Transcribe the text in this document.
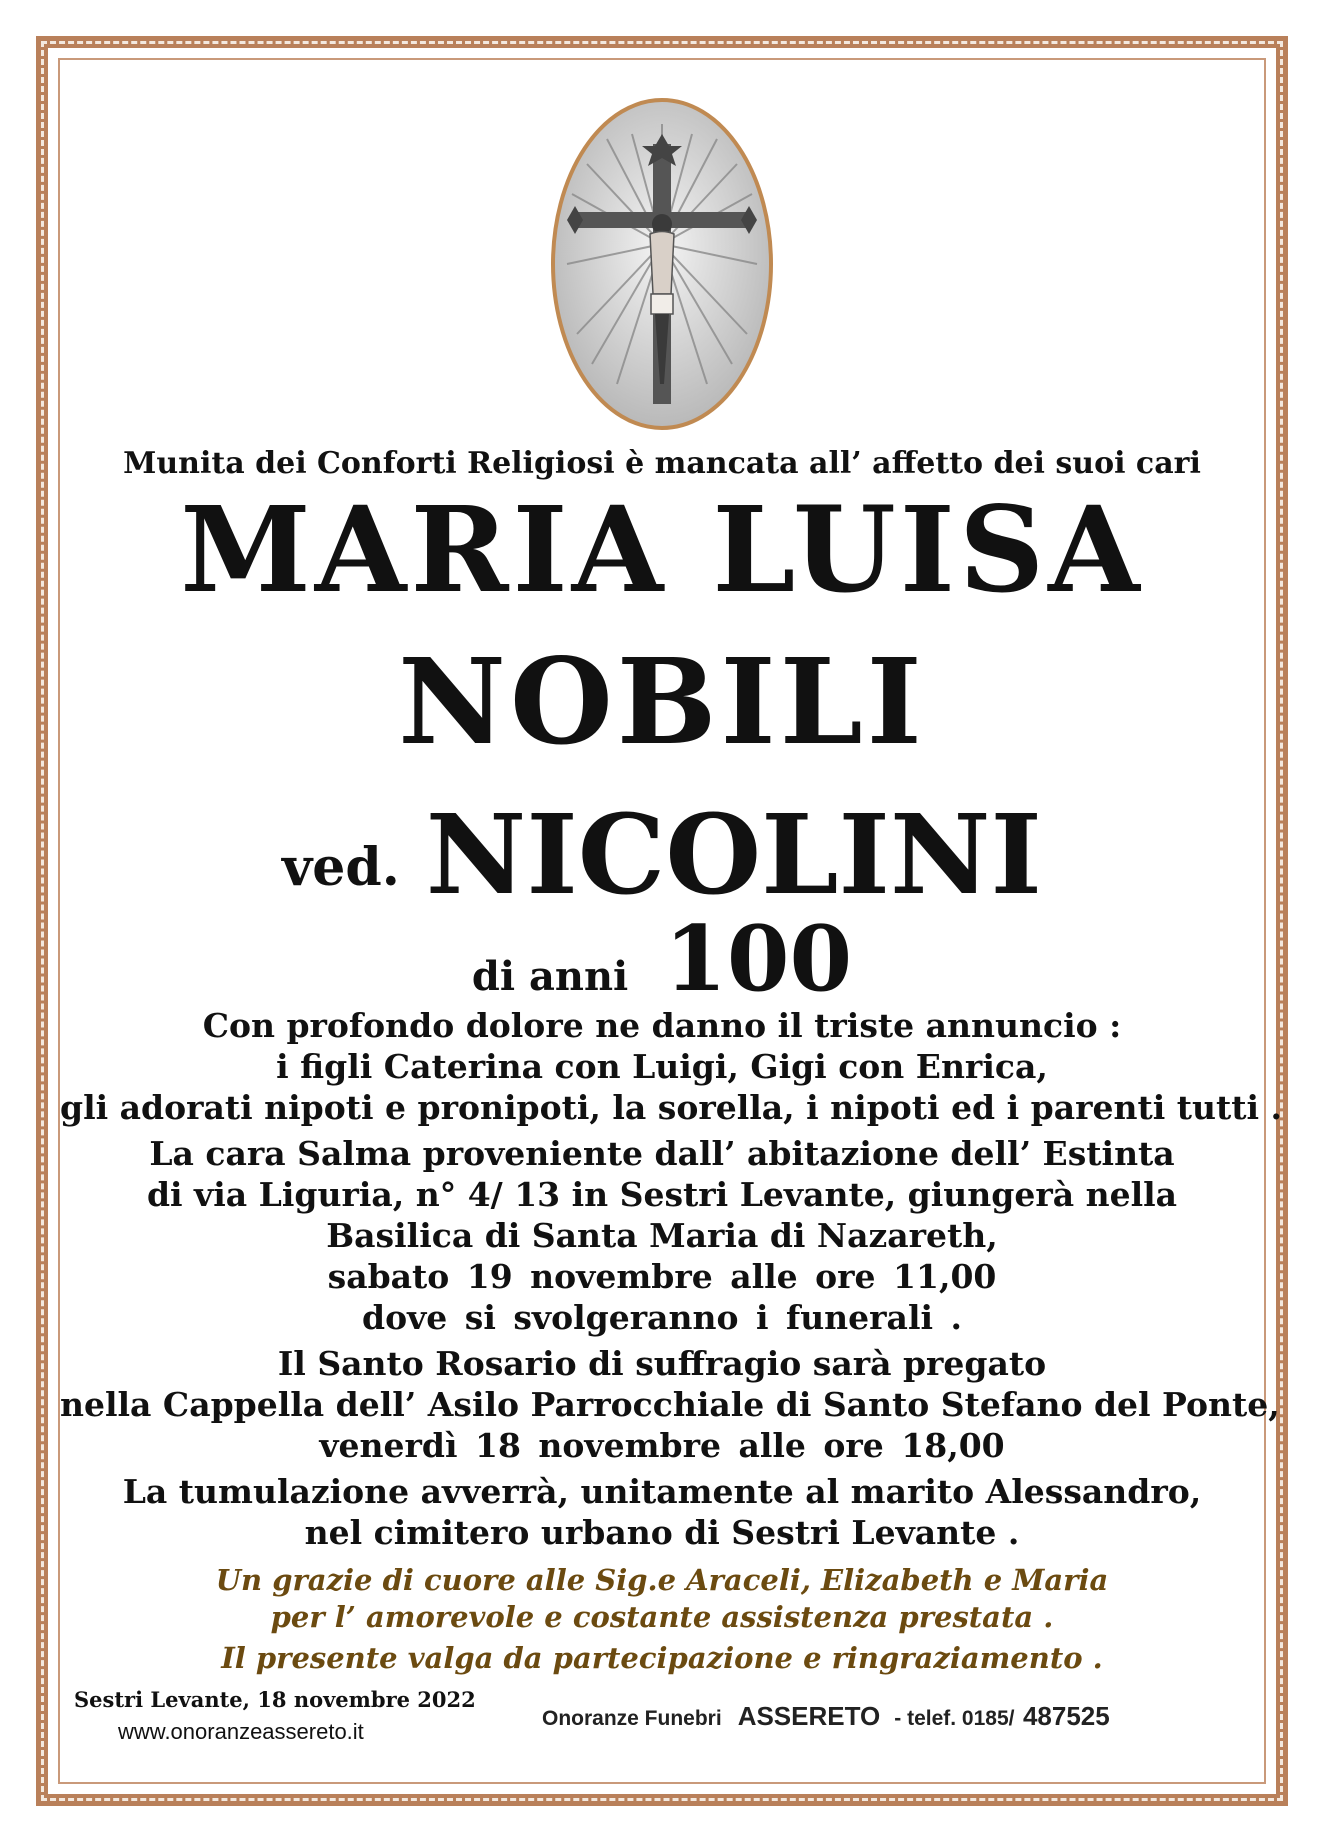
Munita dei Conforti Religiosi è mancata all’ affetto dei suoi cari
MARIA LUISA
NOBILI
ved. NICOLINI
di anni 100
Con profondo dolore ne danno il triste annuncio :
i figli Caterina con Luigi, Gigi con Enrica,
gli adorati nipoti e pronipoti, la sorella, i nipoti ed i parenti tutti .
La cara Salma proveniente dall’ abitazione dell’ Estinta
di via Liguria, n° 4/ 13 in Sestri Levante, giungerà nella
Basilica di Santa Maria di Nazareth,
sabato 19 novembre alle ore 11,00
dove si svolgeranno i funerali .
Il Santo Rosario di suffragio sarà pregato
nella Cappella dell’ Asilo Parrocchiale di Santo Stefano del Ponte,
venerdì 18 novembre alle ore 18,00
La tumulazione avverrà, unitamente al marito Alessandro,
nel cimitero urbano di Sestri Levante .
Un grazie di cuore alle Sig.e Araceli, Elizabeth e Maria
per l’ amorevole e costante assistenza prestata .
Il presente valga da partecipazione e ringraziamento .
Sestri Levante, 18 novembre 2022
www.onoranzeassereto.it
Onoranze Funebri ASSERETO - telef. 0185/ 487525
